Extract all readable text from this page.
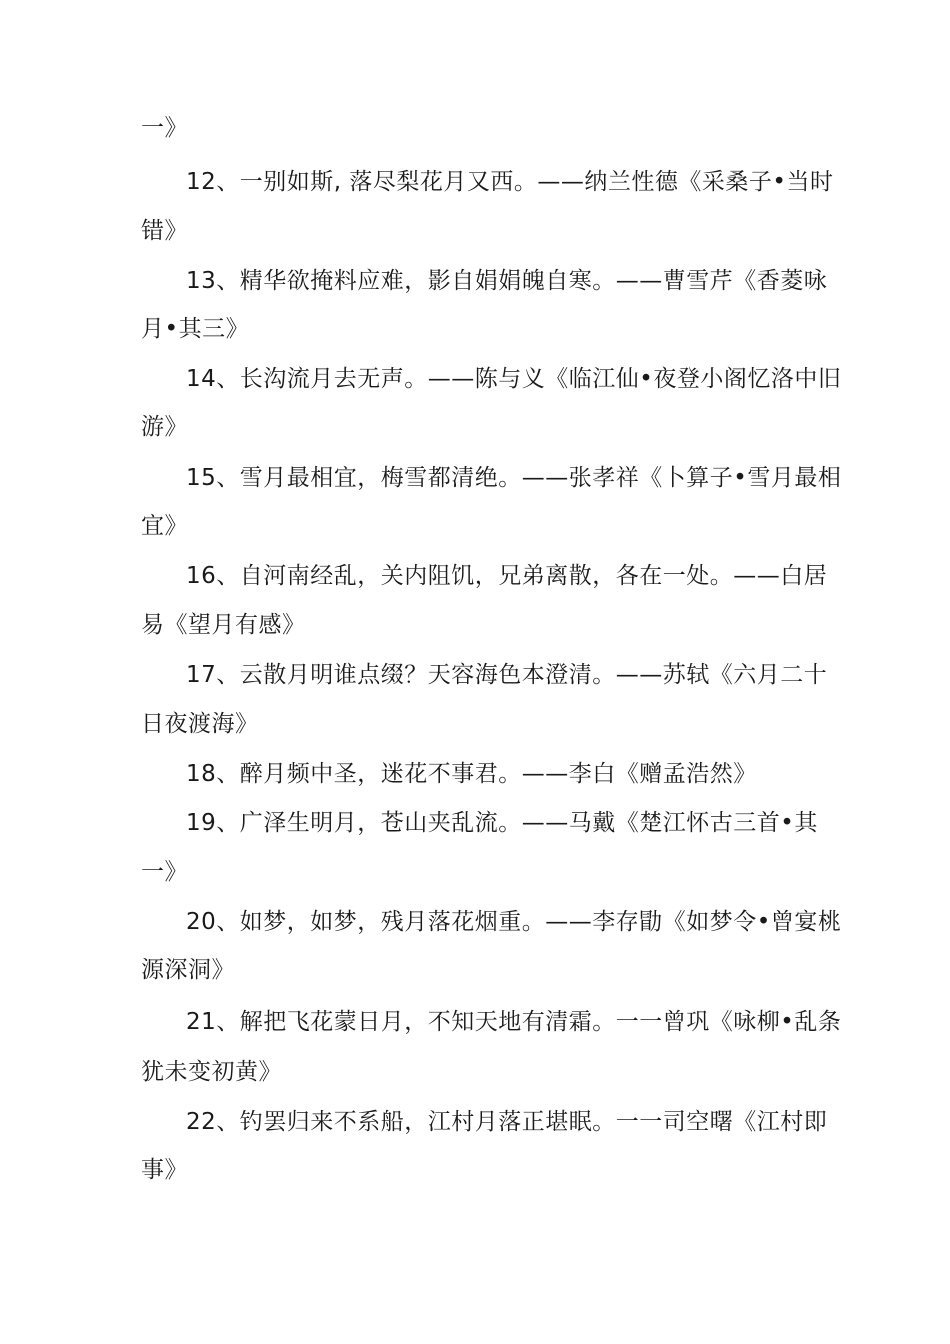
一》
12、一别如斯, 落尽梨花月又西。——纳兰性德《采桑子•当时
错》
13、精华欲掩料应难，影自娟娟魄自寒。——曹雪芹《香菱咏
月•其三》
14、长沟流月去无声。——陈与义《临江仙•夜登小阁忆洛中旧
游》
15、雪月最相宜，梅雪都清绝。——张孝祥《卜算子•雪月最相
宜》
16、自河南经乱，关内阻饥，兄弟离散，各在一处。——白居
易《望月有感》
17、云散月明谁点缀？天容海色本澄清。——苏轼《六月二十
日夜渡海》
18、醉月频中圣，迷花不事君。——李白《赠孟浩然》
19、广泽生明月，苍山夹乱流。——马戴《楚江怀古三首•其
一》
20、如梦，如梦，残月落花烟重。——李存勖《如梦令•曾宴桃
源深洞》
21、解把飞花蒙日月，不知天地有清霜。一一曾巩《咏柳•乱条
犹未变初黄》
22、钓罢归来不系船，江村月落正堪眠。一一司空曙《江村即
事》
